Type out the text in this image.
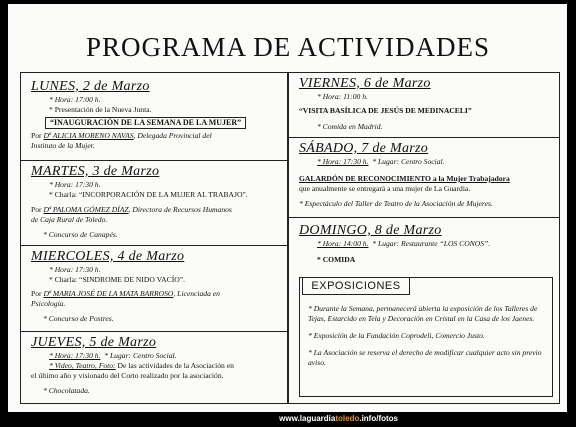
PROGRAMA DE ACTIVIDADES
LUNES, 2 de Marzo
* Hora: 17:00 h.
* Presentación de la Nueva Junta.
“INAUGURACIÓN DE LA SEMANA DE LA MUJER”
Por Dª ALICIA MORENO NAVAS, Delegada Provincial del
Instituto de la Mujer.
MARTES, 3 de Marzo
* Hora: 17:30 h.
* Charla: “INCORPORACIÓN DE LA MUJER AL TRABAJO”.
Por Dª PALOMA GÓMEZ DÍAZ, Directora de Recursos Humanos
de Caja Rural de Toledo.
* Concurso de Canapés.
MIERCOLES, 4 de Marzo
* Hora: 17:30 h.
* Charla: “SINDROME DE NIDO VACÍO”.
Por Dª MARIA JOSÉ DE LA MATA BARROSO, Licenciada en
Psicología.
* Concurso de Postres.
JUEVES, 5 de Marzo
* Hora: 17:30 h. * Lugar: Centro Social.
* Video, Teatro, Foto: De las actividades de la Asociación en
el último año y visionado del Corto realizado por la asociación.
* Chocolatada.
VIERNES, 6 de Marzo
* Hora: 11:00 h.
“VISITA BASÍLICA DE JESÚS DE MEDINACELI”
* Comida en Madrid.
SÁBADO, 7 de Marzo
* Hora: 17:30 h. * Lugar: Centro Social.
GALARDÓN DE RECONOCIMIENTO a la Mujer Trabajadora
que anualmente se entregará a una mujer de La Guardia.
* Espectáculo del Taller de Teatro de la Asociación de Mujeres.
DOMINGO, 8 de Marzo
* Hora: 14:00 h. * Lugar: Restaurante “LOS CONOS”.
* COMIDA
EXPOSICIONES

* Durante la Semana, permanecerá abierta la exposición de los Talleres de Tejas, Estarcido en Tela y Decoración en Cristal en la Casa de los Jaenes.

* Exposición de la Fundación Coprodeli, Comercio Justo.

* La Asociación se reserva el derecho de modificar cualquier acto sin previo aviso.

www.laguardiatoledo.info/fotos
